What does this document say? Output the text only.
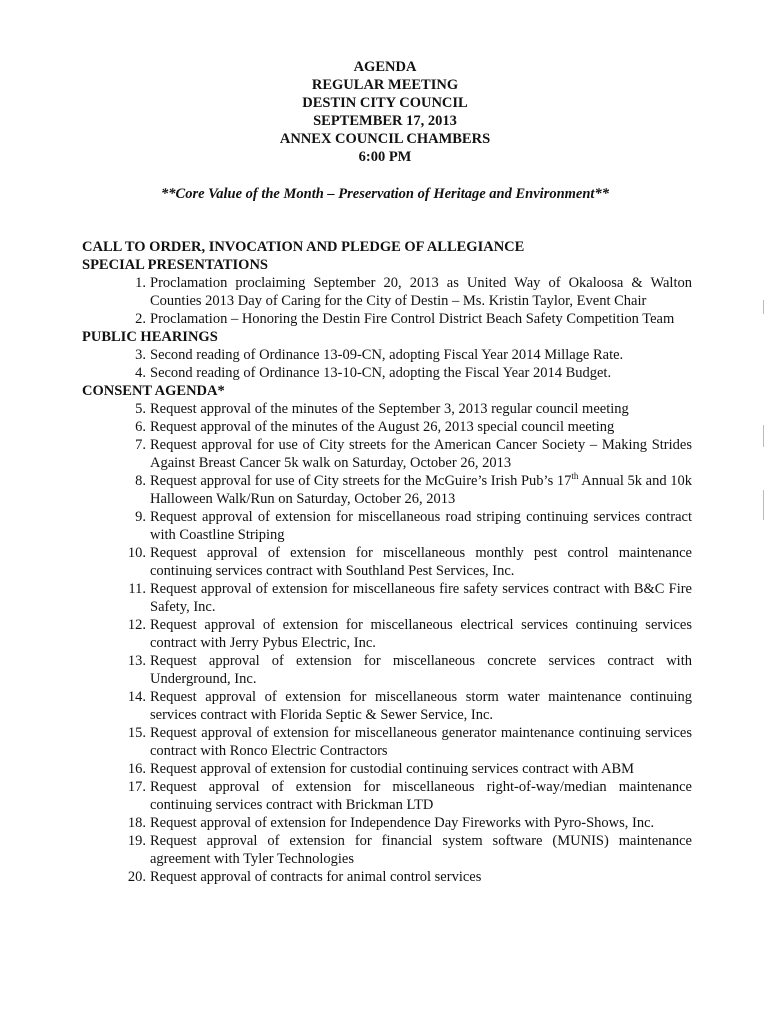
AGENDA
REGULAR MEETING
DESTIN CITY COUNCIL
SEPTEMBER 17, 2013
ANNEX COUNCIL CHAMBERS
6:00 PM
**Core Value of the Month – Preservation of Heritage and Environment**
CALL TO ORDER, INVOCATION AND PLEDGE OF ALLEGIANCE
SPECIAL PRESENTATIONS
1. Proclamation proclaiming September 20, 2013 as United Way of Okaloosa & Walton Counties 2013 Day of Caring for the City of Destin – Ms. Kristin Taylor, Event Chair
2. Proclamation – Honoring the Destin Fire Control District Beach Safety Competition Team
PUBLIC HEARINGS
3. Second reading of Ordinance 13-09-CN, adopting Fiscal Year 2014 Millage Rate.
4. Second reading of Ordinance 13-10-CN, adopting the Fiscal Year 2014 Budget.
CONSENT AGENDA*
5. Request approval of the minutes of the September 3, 2013 regular council meeting
6. Request approval of the minutes of the August 26, 2013 special council meeting
7. Request approval for use of City streets for the American Cancer Society – Making Strides Against Breast Cancer 5k walk on Saturday, October 26, 2013
8. Request approval for use of City streets for the McGuire’s Irish Pub’s 17th Annual 5k and 10k Halloween Walk/Run on Saturday, October 26, 2013
9. Request approval of extension for miscellaneous road striping continuing services contract with Coastline Striping
10. Request approval of extension for miscellaneous monthly pest control maintenance continuing services contract with Southland Pest Services, Inc.
11. Request approval of extension for miscellaneous fire safety services contract with B&C Fire Safety, Inc.
12. Request approval of extension for miscellaneous electrical services continuing services contract with Jerry Pybus Electric, Inc.
13. Request approval of extension for miscellaneous concrete services contract with Underground, Inc.
14. Request approval of extension for miscellaneous storm water maintenance continuing services contract with Florida Septic & Sewer Service, Inc.
15. Request approval of extension for miscellaneous generator maintenance continuing services contract with Ronco Electric Contractors
16. Request approval of extension for custodial continuing services contract with ABM
17. Request approval of extension for miscellaneous right-of-way/median maintenance continuing services contract with Brickman LTD
18. Request approval of extension for Independence Day Fireworks with Pyro-Shows, Inc.
19. Request approval of extension for financial system software (MUNIS) maintenance agreement with Tyler Technologies
20. Request approval of contracts for animal control services
